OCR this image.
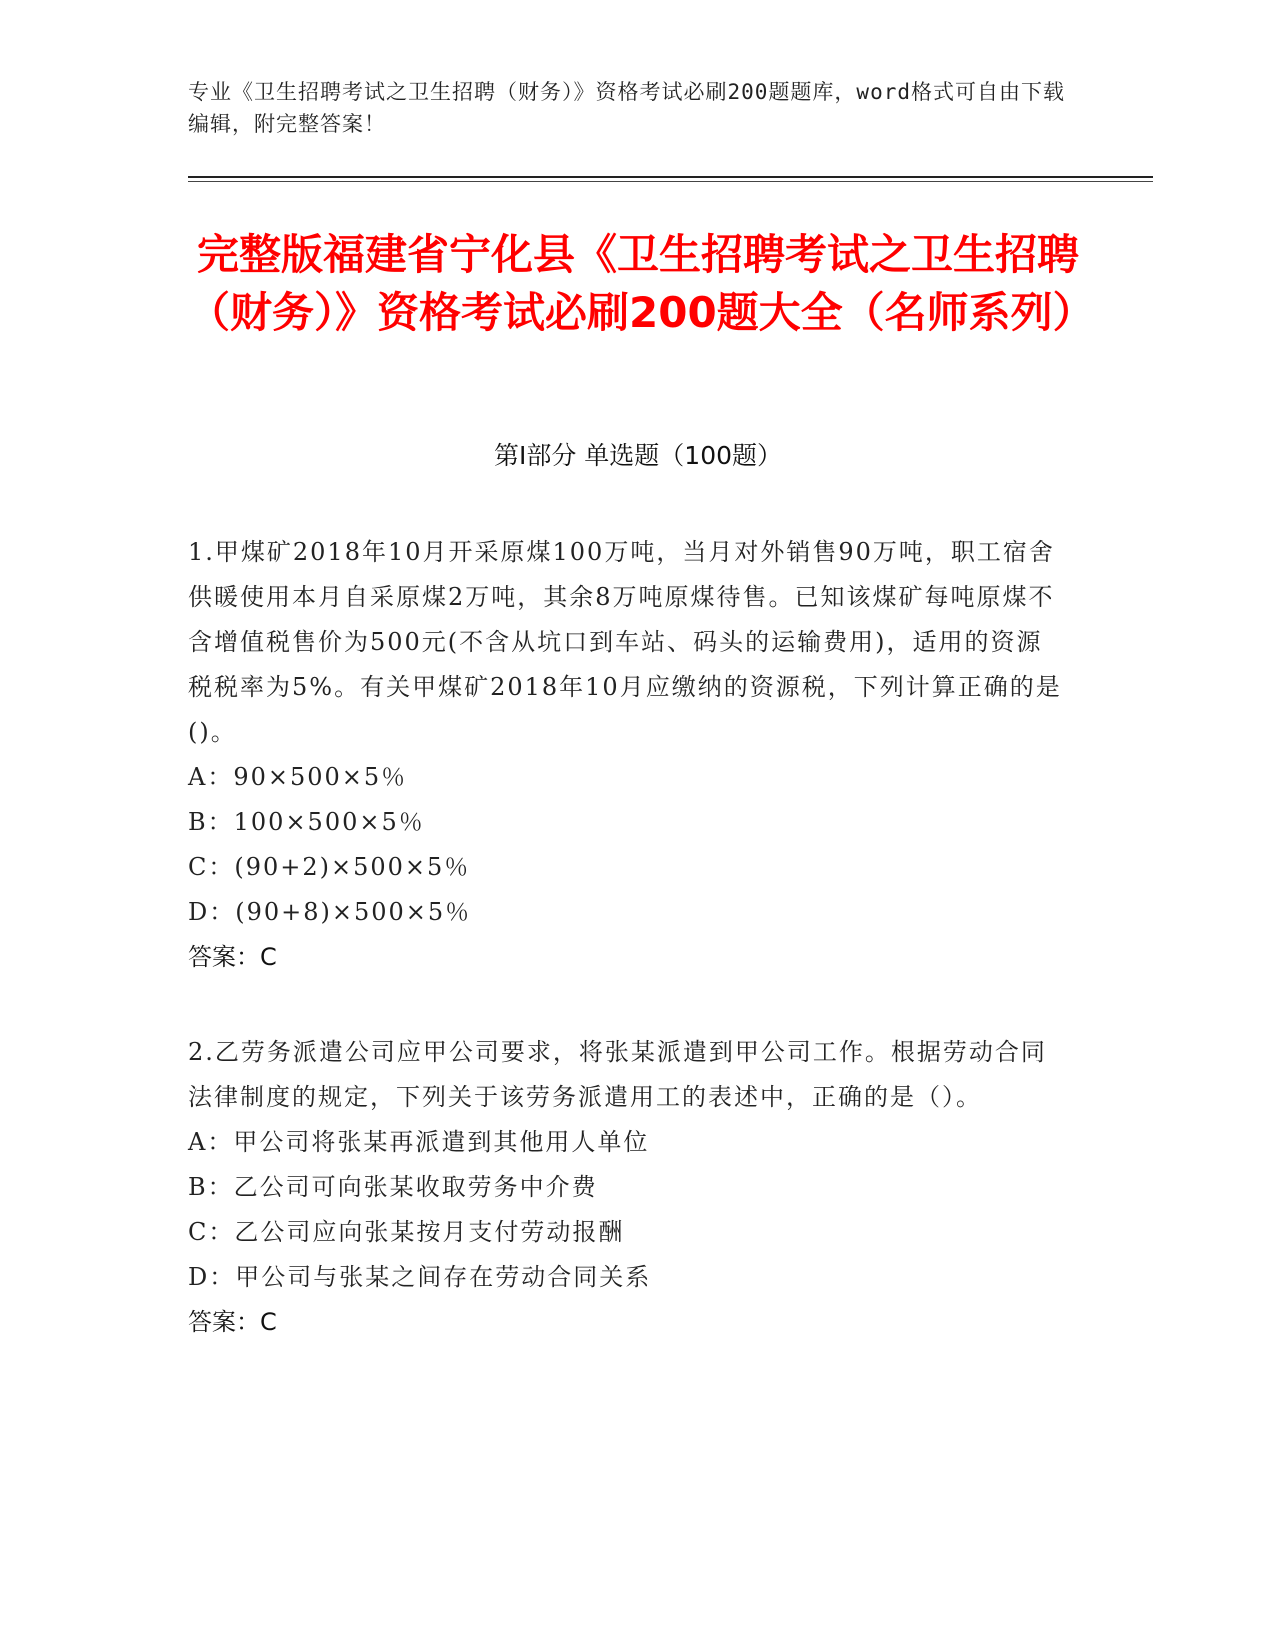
专业《卫生招聘考试之卫生招聘（财务）》资格考试必刷200题题库，word格式可自由下载编辑，附完整答案！
完整版福建省宁化县《卫生招聘考试之卫生招聘（财务）》资格考试必刷200题大全（名师系列）
第Ⅰ部分 单选题（100题）
1.甲煤矿2018年10月开采原煤100万吨，当月对外销售90万吨，职工宿舍供暖使用本月自采原煤2万吨，其余8万吨原煤待售。已知该煤矿每吨原煤不含增值税售价为500元(不含从坑口到车站、码头的运输费用)，适用的资源税税率为5%。有关甲煤矿2018年10月应缴纳的资源税，下列计算正确的是()。
A：90×500×5％
B：100×500×5％
C：(90+2)×500×5％
D：(90+8)×500×5％
答案：C
2.乙劳务派遣公司应甲公司要求，将张某派遣到甲公司工作。根据劳动合同法律制度的规定，下列关于该劳务派遣用工的表述中，正确的是（）。
A：甲公司将张某再派遣到其他用人单位
B：乙公司可向张某收取劳务中介费
C：乙公司应向张某按月支付劳动报酬
D：甲公司与张某之间存在劳动合同关系
答案：C
